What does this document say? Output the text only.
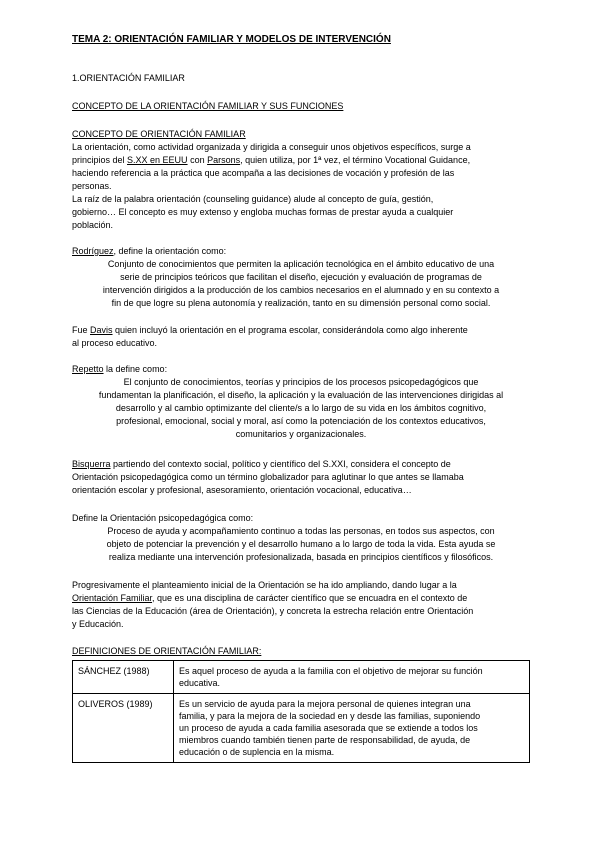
TEMA 2: ORIENTACIÓN FAMILIAR Y MODELOS DE INTERVENCIÓN
1.ORIENTACIÓN FAMILIAR
CONCEPTO DE LA ORIENTACIÓN FAMILIAR Y SUS FUNCIONES
CONCEPTO DE ORIENTACIÓN FAMILIAR
La orientación, como actividad organizada y dirigida a conseguir unos objetivos específicos, surge a
principios del S.XX en EEUU con Parsons, quien utiliza, por 1ª vez, el término Vocational Guidance,
haciendo referencia a la práctica que acompaña a las decisiones de vocación y profesión de las
personas.
La raíz de la palabra orientación (counseling guidance) alude al concepto de guía, gestión,
gobierno… El concepto es muy extenso y engloba muchas formas de prestar ayuda a cualquier
población.
Rodríguez, define la orientación como:
Conjunto de conocimientos que permiten la aplicación tecnológica en el ámbito educativo de una
serie de principios teóricos que facilitan el diseño, ejecución y evaluación de programas de
intervención dirigidos a la producción de los cambios necesarios en el alumnado y en su contexto a
fin de que logre su plena autonomía y realización, tanto en su dimensión personal como social.
Fue Davis quien incluyó la orientación en el programa escolar, considerándola como algo inherente
al proceso educativo.
Repetto la define como:
El conjunto de conocimientos, teorías y principios de los procesos psicopedagógicos que
fundamentan la planificación, el diseño, la aplicación y la evaluación de las intervenciones dirigidas al
desarrollo y al cambio optimizante del cliente/s a lo largo de su vida en los ámbitos cognitivo,
profesional, emocional, social y moral, así como la potenciación de los contextos educativos,
comunitarios y organizacionales.
Bisquerra partiendo del contexto social, político y científico del S.XXI, considera el concepto de
Orientación psicopedagógica como un término globalizador para aglutinar lo que antes se llamaba
orientación escolar y profesional, asesoramiento, orientación vocacional, educativa…
Define la Orientación psicopedagógica como:
Proceso de ayuda y acompañamiento continuo a todas las personas, en todos sus aspectos, con
objeto de potenciar la prevención y el desarrollo humano a lo largo de toda la vida. Esta ayuda se
realiza mediante una intervención profesionalizada, basada en principios científicos y filosóficos.
Progresivamente el planteamiento inicial de la Orientación se ha ido ampliando, dando lugar a la
Orientación Familiar, que es una disciplina de carácter científico que se encuadra en el contexto de
las Ciencias de la Educación (área de Orientación), y concreta la estrecha relación entre Orientación
y Educación.
DEFINICIONES DE ORIENTACIÓN FAMILIAR:
SÁNCHEZ (1988)	Es aquel proceso de ayuda a la familia con el objetivo de mejorar su función
educativa.

OLIVEROS (1989)	Es un servicio de ayuda para la mejora personal de quienes integran una
familia, y para la mejora de la sociedad en y desde las familias, suponiendo
un proceso de ayuda a cada familia asesorada que se extiende a todos los
miembros cuando también tienen parte de responsabilidad, de ayuda, de
educación o de suplencia en la misma.
